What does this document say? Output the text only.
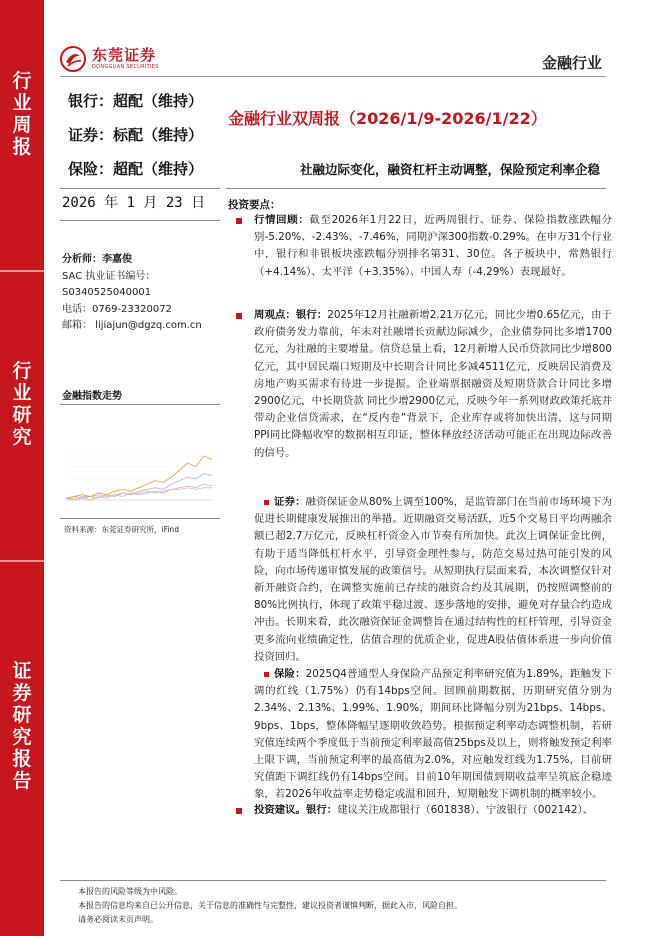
行
业
周
报
行
业
研
究
证
券
研
究
报
告
东莞证券
DONGGUAN SECURITIES	金融行业
银行：超配（维持）
证券：标配（维持）
保险：超配（维持）
金融行业双周报（2026/1/9-2026/1/22）
社融边际变化，融资杠杆主动调整，保险预定利率企稳
2026 年 1 月 23 日
分析师：李嘉俊
SAC 执业证书编号：
S0340525040001
电话：0769-23320072
邮箱： lijiajun@dgzq.com.cn
金融指数走势
资料来源：东莞证券研究所，iFind
投资要点：
行情回顾：截至2026年1月22日，近两周银行、证券、保险指数涨跌幅分别-5.20%、-2.43%、-7.46%，同期沪深300指数-0.29%。在申万31个行业中，银行和非银板块涨跌幅分别排名第31、30位。各子板块中，常熟银行（+4.14%）、太平洋（+3.35%）、中国人寿（-4.29%）表现最好。
周观点：银行：2025年12月社融新增2.21万亿元，同比少增0.65亿元，由于政府债务发力靠前，年末对社融增长贡献边际减少，企业债券同比多增1700亿元，为社融的主要增量。信贷总量上看，12月新增人民币贷款同比少增800亿元，其中居民端口短期及中长期合计同比多减4511亿元，反映居民消费及房地产购买需求有待进一步提振。企业端票据融资及短期贷款合计同比多增2900亿元，中长期贷款 同比少增2900亿元，反映今年一系列财政政策托底并带动企业信贷需求，在“反内卷”背景下，企业库存或将加快出清，这与同期PPI同比降幅收窄的数据相互印证，整体释放经济活动可能正在出现边际改善 的信号。
证券：融资保证金从80%上调至100%，是监管部门在当前市场环境下为促进长期健康发展推出的举措。近期融资交易活跃，近5个交易日平均两融余额已超2.7万亿元，反映杠杆资金入市节奏有所加快。此次上调保证金比例，有助于适当降低杠杆水平，引导资金理性参与，防范交易过热可能引发的风险，向市场传递审慎发展的政策信号。从短期执行层面来看，本次调整仅针对新开融资合约，在调整实施前已存续的融资合约及其展期，仍按照调整前的80%比例执行，体现了政策平稳过渡、逐步落地的安排，避免对存量合约造成冲击。长期来看，此次融资保证金调整旨在通过结构性的杠杆管理，引导资金更多流向业绩确定性，估值合理的优质企业，促进A股估值体系进一步向价值投资回归。
保险：2025Q4普通型人身保险产品预定利率研究值为1.89%，距触发下调的红线（1.75%）仍有14bps空间。回顾前期数据，历期研究值分别为2.34%、2.13%、1.99%、1.90%，期间环比降幅分别为21bps、14bps、9bps、1bps，整体降幅呈逐期收敛趋势。根据预定利率动态调整机制，若研究值连续两个季度低于当前预定利率最高值25bps及以上，则将触发预定利率上限下调，当前预定利率的最高值为2.0%，对应触发红线为1.75%，目前研究值距下调红线仍有14bps空间。目前10年期国债到期收益率呈筑底企稳迹象，若2026年收益率走势稳定或温和回升，短期触发下调机制的概率较小。
投资建议。银行：建议关注成都银行（601838）、宁波银行（002142）、
本报告的风险等级为中风险。
本报告的信息均来自已公开信息，关于信息的准确性与完整性，建议投资者谨慎判断，据此入市，风险自担。
请务必阅读末页声明。
